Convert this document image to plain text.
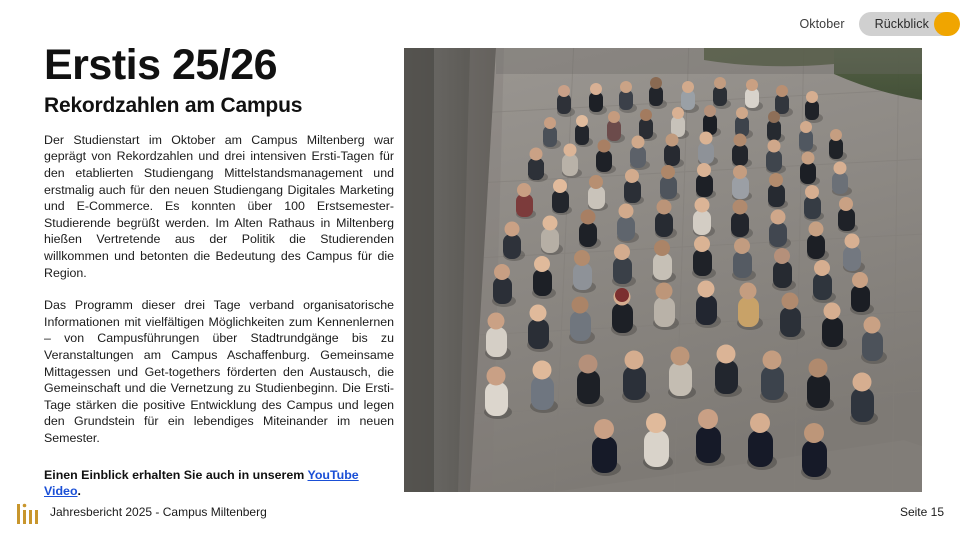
Oktober	Rückblick
Erstis 25/26
Rekordzahlen am Campus

Der Studienstart im Oktober am Campus Miltenberg war geprägt von Rekordzahlen und drei intensiven Ersti-Tagen für den etablierten Studiengang Mittelstandsmanagement und erstmalig auch für den neuen Studiengang Digitales Marketing und E-Commerce. Es konnten über 100 Erstsemester-Studierende begrüßt werden. Im Alten Rathaus in Miltenberg hießen Vertretende aus der Politik die Studierenden willkommen und betonten die Bedeutung des Campus für die Region.

Das Programm dieser drei Tage verband organisatorische Informationen mit vielfältigen Möglichkeiten zum Kennenlernen – von Campusführungen über Stadtrundgänge bis zu Veranstaltungen am Campus Aschaffenburg. Gemeinsame Mittagessen und Get-togethers förderten den Austausch, die Gemeinschaft und die Vernetzung zu Studienbeginn. Die Ersti-Tage stärken die positive Entwicklung des Campus und legen den Grundstein für ein lebendiges Miteinander im neuen Semester.

Einen Einblick erhalten Sie auch in unserem YouTube Video.

Jahresbericht 2025 - Campus Miltenberg	Seite 15
